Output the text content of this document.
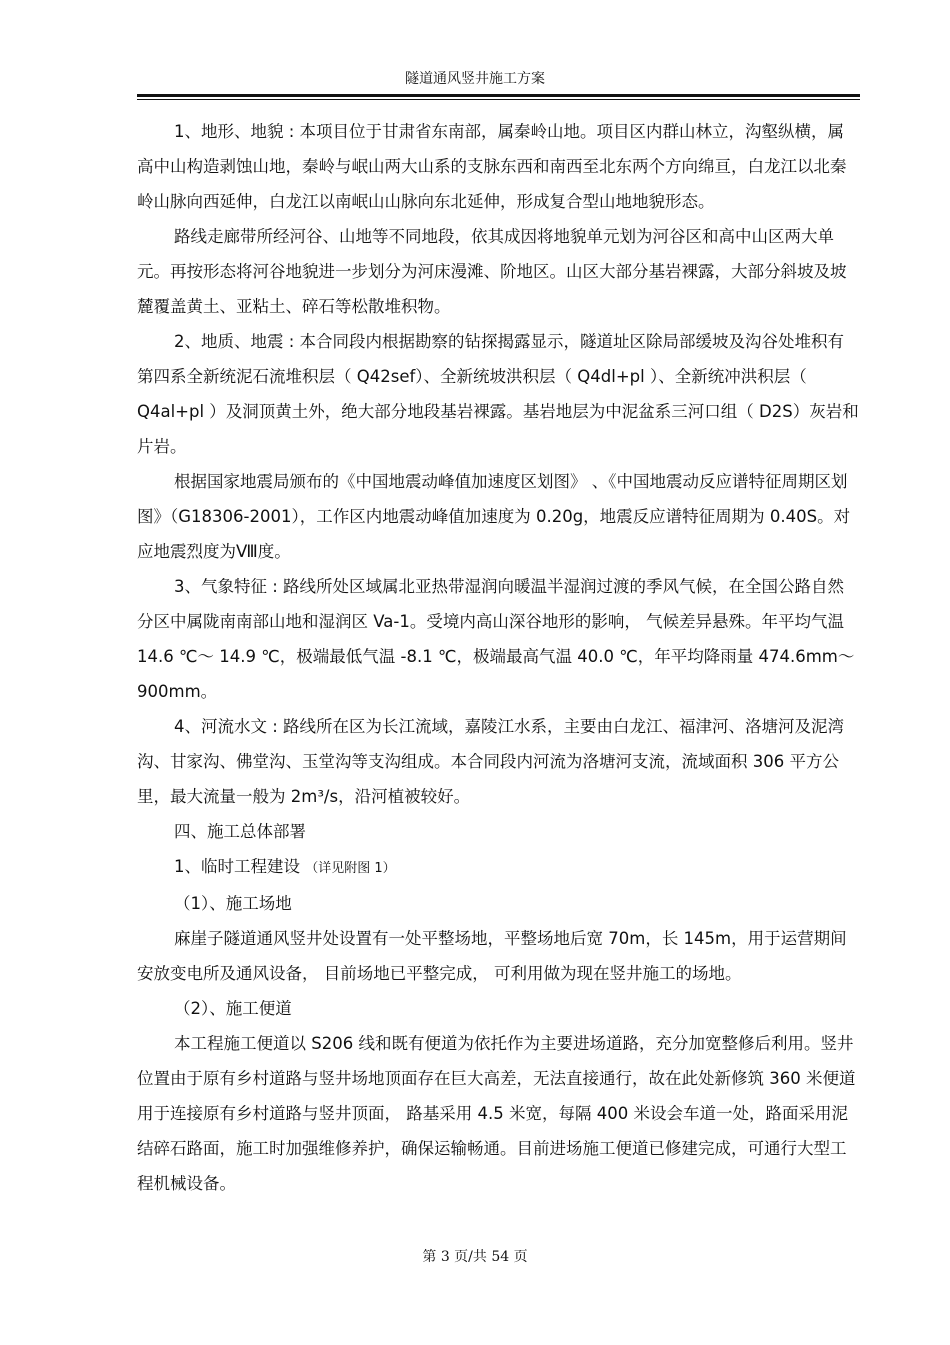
隧道通风竖井施工方案

1、地形、地貌 : 本项目位于甘肃省东南部，属秦岭山地。项目区内群山林立，沟壑纵横，属高中山构造剥蚀山地，秦岭与岷山两大山系的支脉东西和南西至北东两个方向绵亘，白龙江以北秦岭山脉向西延伸，白龙江以南岷山山脉向东北延伸，形成复合型山地地貌形态。

路线走廊带所经河谷、山地等不同地段，依其成因将地貌单元划为河谷区和高中山区两大单元。再按形态将河谷地貌进一步划分为河床漫滩、阶地区。山区大部分基岩裸露，大部分斜坡及坡麓覆盖黄土、亚粘土、碎石等松散堆积物。

2、地质、地震 : 本合同段内根据勘察的钻探揭露显示，隧道址区除局部缓坡及沟谷处堆积有第四系全新统泥石流堆积层（ Q42sef）、全新统坡洪积层（ Q4dl+pl ）、全新统冲洪积层（ Q4al+pl ）及洞顶黄土外，绝大部分地段基岩裸露。基岩地层为中泥盆系三河口组（ D2S）灰岩和片岩。

根据国家地震局颁布的《中国地震动峰值加速度区划图》 、《中国地震动反应谱特征周期区划图》（G18306-2001），工作区内地震动峰值加速度为 0.20g，地震反应谱特征周期为 0.40S。对应地震烈度为Ⅷ度。

3、气象特征 : 路线所处区域属北亚热带湿润向暖温半湿润过渡的季风气候，在全国公路自然分区中属陇南南部山地和湿润区 Va-1。受境内高山深谷地形的影响， 气候差异悬殊。年平均气温 14.6 ℃～ 14.9 ℃，极端最低气温 -8.1 ℃，极端最高气温 40.0 ℃，年平均降雨量 474.6mm～900mm。

4、河流水文 : 路线所在区为长江流域，嘉陵江水系，主要由白龙江、福津河、洛塘河及泥湾沟、甘家沟、佛堂沟、玉堂沟等支沟组成。本合同段内河流为洛塘河支流，流域面积 306 平方公里，最大流量一般为 2m³/s，沿河植被较好。

四、施工总体部署

1、临时工程建设 （详见附图 1）

（1）、施工场地

麻崖子隧道通风竖井处设置有一处平整场地，平整场地后宽 70m，长 145m，用于运营期间安放变电所及通风设备， 目前场地已平整完成， 可利用做为现在竖井施工的场地。

（2）、施工便道

本工程施工便道以 S206 线和既有便道为依托作为主要进场道路，充分加宽整修后利用。竖井位置由于原有乡村道路与竖井场地顶面存在巨大高差，无法直接通行，故在此处新修筑 360 米便道用于连接原有乡村道路与竖井顶面， 路基采用 4.5 米宽，每隔 400 米设会车道一处，路面采用泥结碎石路面，施工时加强维修养护，确保运输畅通。目前进场施工便道已修建完成，可通行大型工程机械设备。

第 3 页/共 54 页
